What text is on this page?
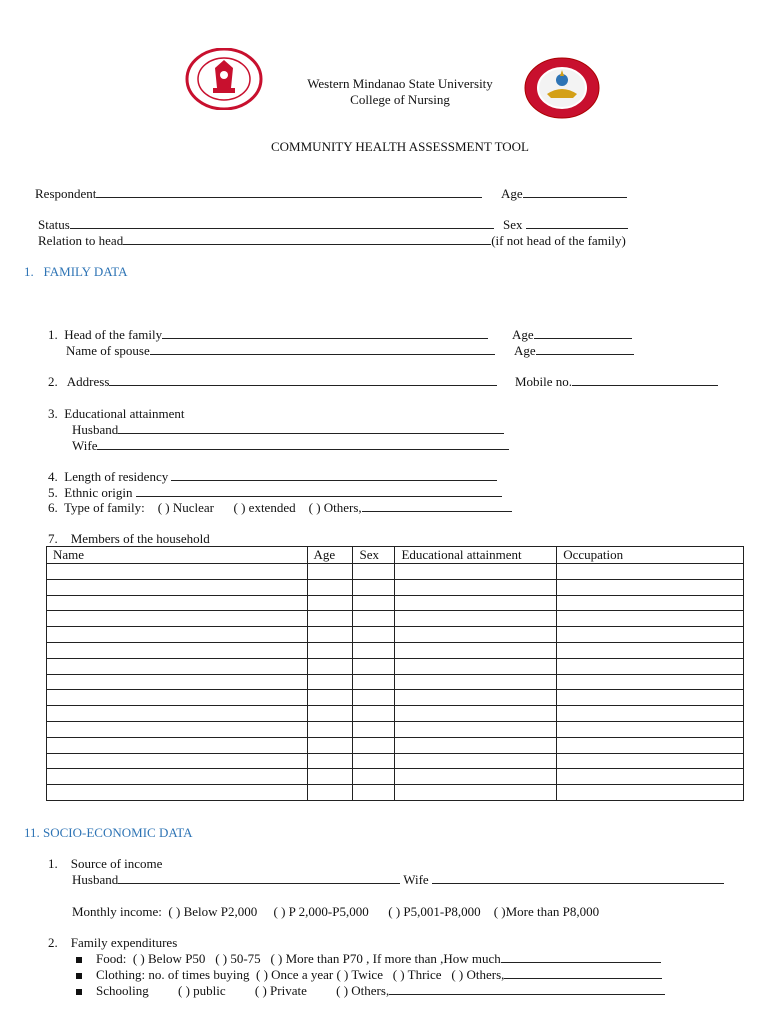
Western Mindanao State University
College of Nursing
COMMUNITY HEALTH ASSESSMENT TOOL
Respondent	Age
Status	Sex
Relation to head	(if not head of the family)
1.   FAMILY DATA
1. Head of the family	Age
Name of spouse	Age
2. Address	Mobile no.
3. Educational attainment
Husband
Wife
4. Length of residency
5. Ethnic origin
6. Type of family: ( ) Nuclear ( ) extended ( ) Others,
7. Members of the household
Name	Age	Sex	Educational attainment	Occupation

11. SOCIO-ECONOMIC DATA
1. Source of income
Husband	Wife
Monthly income: ( ) Below P2,000 ( ) P 2,000-P5,000 ( ) P5,001-P8,000 ( )More than P8,000
2. Family expenditures
Food: ( ) Below P50 ( ) 50-75 ( ) More than P70 , If more than ,How much
Clothing: no. of times buying ( ) Once a year ( ) Twice ( ) Thrice ( ) Others,
Schooling ( ) public ( ) Private ( ) Others,
